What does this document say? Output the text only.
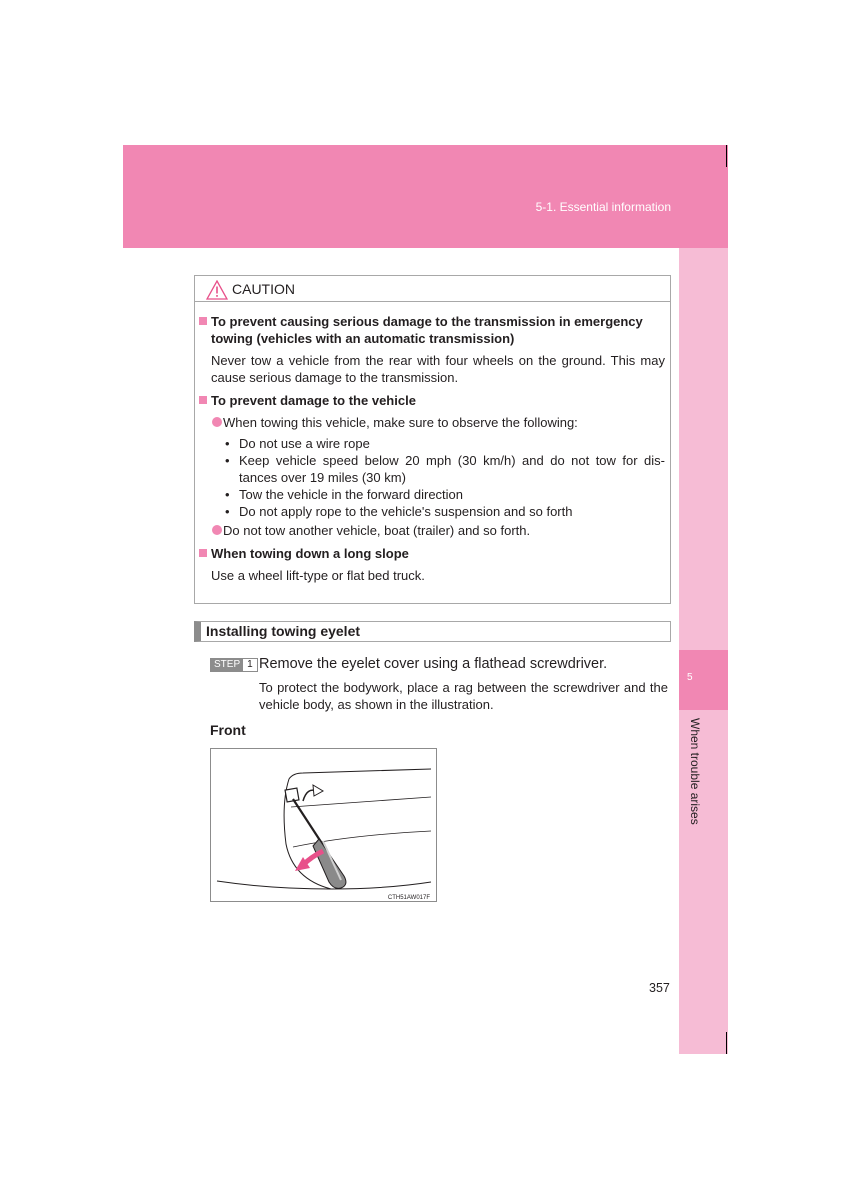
5-1. Essential information
5
When trouble arises
CAUTION
To prevent causing serious damage to the transmission in emergency towing (vehicles with an automatic transmission)
Never tow a vehicle from the rear with four wheels on the ground. This may cause serious damage to the transmission.
To prevent damage to the vehicle
When towing this vehicle, make sure to observe the following:
• Do not use a wire rope
• Keep vehicle speed below 20 mph (30 km/h) and do not tow for dis-tances over 19 miles (30 km)
• Tow the vehicle in the forward direction
• Do not apply rope to the vehicle's suspension and so forth
Do not tow another vehicle, boat (trailer) and so forth.
When towing down a long slope
Use a wheel lift-type or flat bed truck.
Installing towing eyelet
STEP 1 Remove the eyelet cover using a flathead screwdriver.
To protect the bodywork, place a rag between the screwdriver and the vehicle body, as shown in the illustration.
Front
CTH51AW017F
357
